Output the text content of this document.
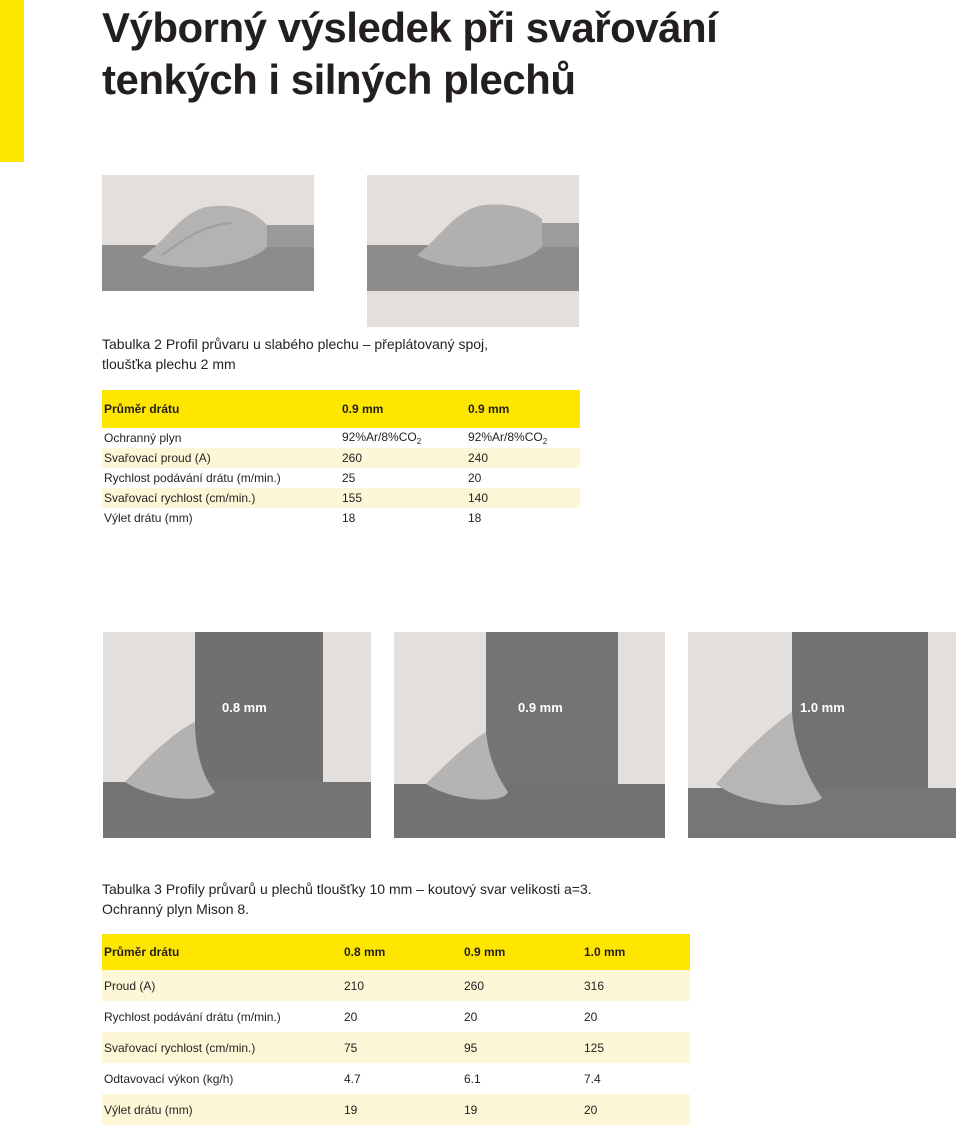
Výborný výsledek při svařování
tenkých i silných plechů

Tabulka 2 Profil průvaru u slabého plechu – přeplátovaný spoj,
tloušťka plechu 2 mm

Průměr drátu	0.9 mm	0.9 mm
Ochranný plyn	$92\%Ar/8\%CO_2$	$92\%Ar/8\%CO_2$
Svařovací proud (A)	260	240
Rychlost podávání drátu (m/min.)	25	20
Svařovací rychlost (cm/min.)	155	140
Výlet drátu (mm)	18	18
0.8 mm	0.9 mm	1.0 mm

Tabulka 3 Profily průvarů u plechů tloušťky 10 mm – koutový svar velikosti a=3.
Ochranný plyn Mison 8.

Průměr drátu	0.8 mm	0.9 mm	1.0 mm
Proud (A)	210	260	316
Rychlost podávání drátu (m/min.)	20	20	20
Svařovací rychlost (cm/min.)	75	95	125
Odtavovací výkon (kg/h)	4.7	6.1	7.4
Výlet drátu (mm)	19	19	20
